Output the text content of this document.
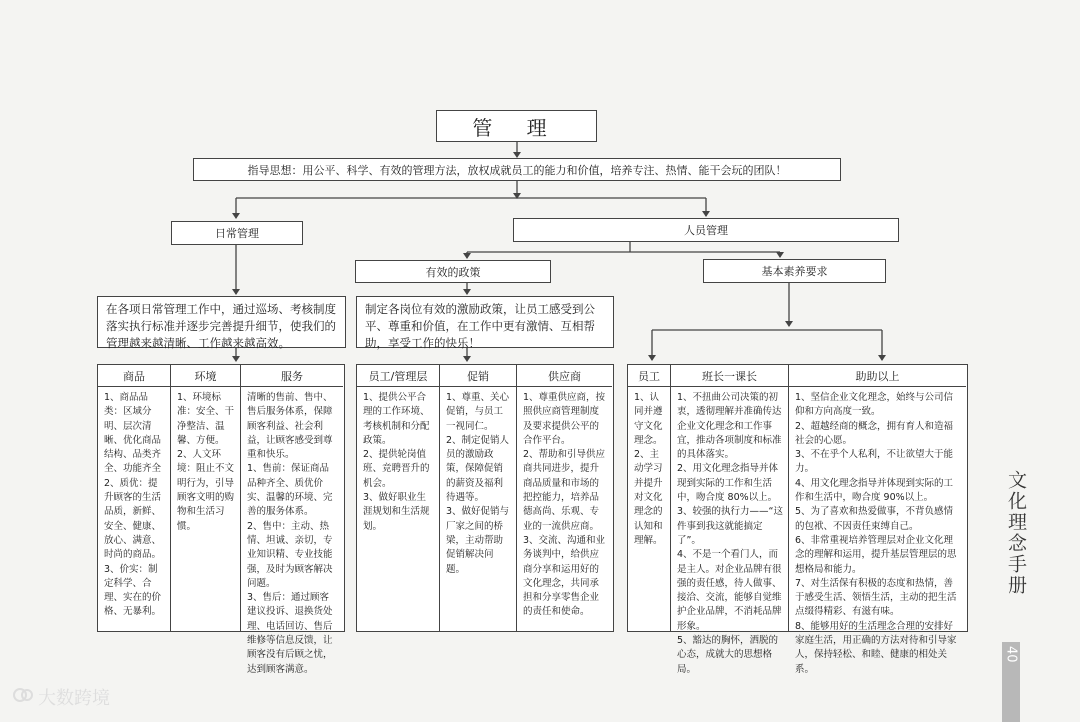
管 理
指导思想：用公平、科学、有效的管理方法，放权成就员工的能力和价值，培养专注、热情、能干会玩的团队！
日常管理	人员管理
有效的政策	基本素养要求
在各项日常管理工作中，通过巡场、考核制度落实执行标准并逐步完善提升细节，使我们的管理越来越清晰、工作越来越高效。
制定各岗位有效的激励政策，让员工感受到公平、尊重和价值，在工作中更有激情、互相帮助，享受工作的快乐！
商品
1、商品品类：区域分明、层次清晰、优化商品结构、品类齐全、功能齐全
2、质优：提升顾客的生活品质，新鲜、安全、健康、放心、满意、时尚的商品。
3、价实：制定科学、合理、实在的价格、无暴利。
环境
1、环境标准：安全、干净整洁、温馨、方便。
2、人文环境：阻止不文明行为，引导顾客文明的购物和生活习惯。
服务
清晰的售前、售中、售后服务体系，保障顾客利益、社会利益，让顾客感受到尊重和快乐。
1、售前：保证商品品种齐全、质优价实、温馨的环境、完善的服务体系。
2、售中：主动、热情、坦诚、亲切，专业知识精、专业技能强，及时为顾客解决问题。
3、售后：通过顾客建议投诉、退换货处理、电话回访、售后维修等信息反馈，让顾客没有后顾之忧，达到顾客满意。
员工/管理层
1、提供公平合理的工作环境、考核机制和分配政策。
2、提供轮岗值班、竞聘晋升的机会。
3、做好职业生涯规划和生活规划。
促销
1、尊重、关心促销，与员工一视同仁。
2、制定促销人员的激励政策，保障促销的薪资及福利待遇等。
3、做好促销与厂家之间的桥梁，主动帮助促销解决问题。
供应商
1、尊重供应商，按照供应商管理制度及要求提供公平的合作平台。
2、帮助和引导供应商共同进步，提升商品质量和市场的把控能力，培养品德高尚、乐观、专业的一流供应商。
3、交流、沟通和业务谈判中，给供应商分享和运用好的文化理念，共同承担和分享零售企业的责任和使命。
员工
1、认同并遵守文化理念。
2、主动学习并提升对文化理念的认知和理解。
班长一课长
1、不扭曲公司决策的初衷，透彻理解并准确传达企业文化理念和工作事宜，推动各项制度和标准的具体落实。
2、用文化理念指导并体现到实际的工作和生活中，吻合度 80%以上。
3、较强的执行力——“这件事到我这就能搞定了”。
4、不是一个看门人，而是主人。对企业品牌有很强的责任感，待人做事、接洽、交流，能够自觉维护企业品牌，不消耗品牌形象。
5、豁达的胸怀，洒脱的心态，成就大的思想格局。
助助以上
1、坚信企业文化理念，始终与公司信仰和方向高度一致。
2、超越经商的概念，拥有育人和造福社会的心愿。
3、不在乎个人私利，不让欲望大于能力。
4、用文化理念指导并体现到实际的工作和生活中，吻合度 90%以上。
5、为了喜欢和热爱做事，不背负感情的包袱、不因责任束缚自己。
6、非常重视培养管理层对企业文化理念的理解和运用，提升基层管理层的思想格局和能力。
7、对生活保有积极的态度和热情，善于感受生活、领悟生活，主动的把生活点缀得精彩、有滋有味。
8、能够用好的生活理念合理的安排好家庭生活，用正确的方法对待和引导家人，保持轻松、和睦、健康的相处关系。
文化理念手册
40
大数跨境
